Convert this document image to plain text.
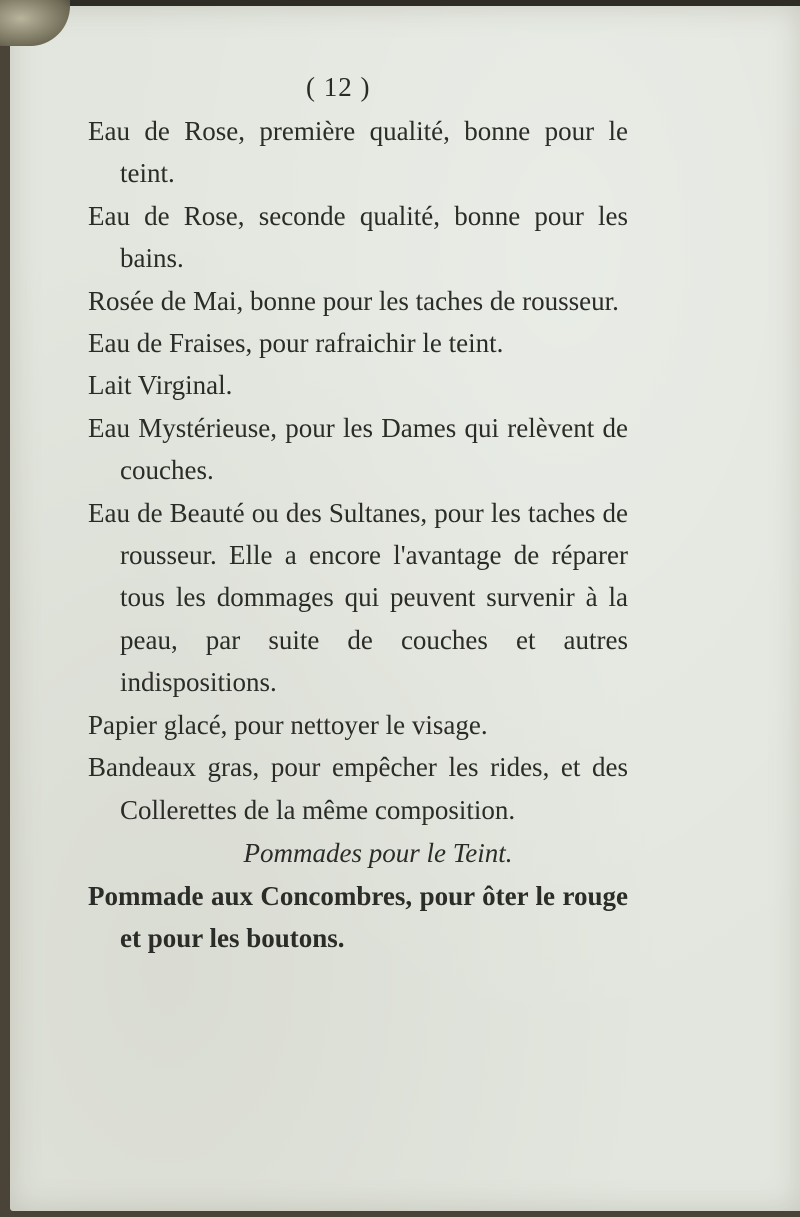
( 12 )

Eau de Rose, première qualité, bonne pour le teint.

Eau de Rose, seconde qualité, bonne pour les bains.

Rosée de Mai, bonne pour les taches de rousseur.

Eau de Fraises, pour rafraichir le teint.

Lait Virginal.

Eau Mystérieuse, pour les Dames qui relèvent de couches.

Eau de Beauté ou des Sultanes, pour les taches de rousseur. Elle a encore l'avantage de réparer tous les dommages qui peuvent survenir à la peau, par suite de couches et autres indispositions.

Papier glacé, pour nettoyer le visage.

Bandeaux gras, pour empêcher les rides, et des Collerettes de la même composition.

Pommades pour le Teint.

Pommade aux Concombres, pour ôter le rouge et pour les boutons.
